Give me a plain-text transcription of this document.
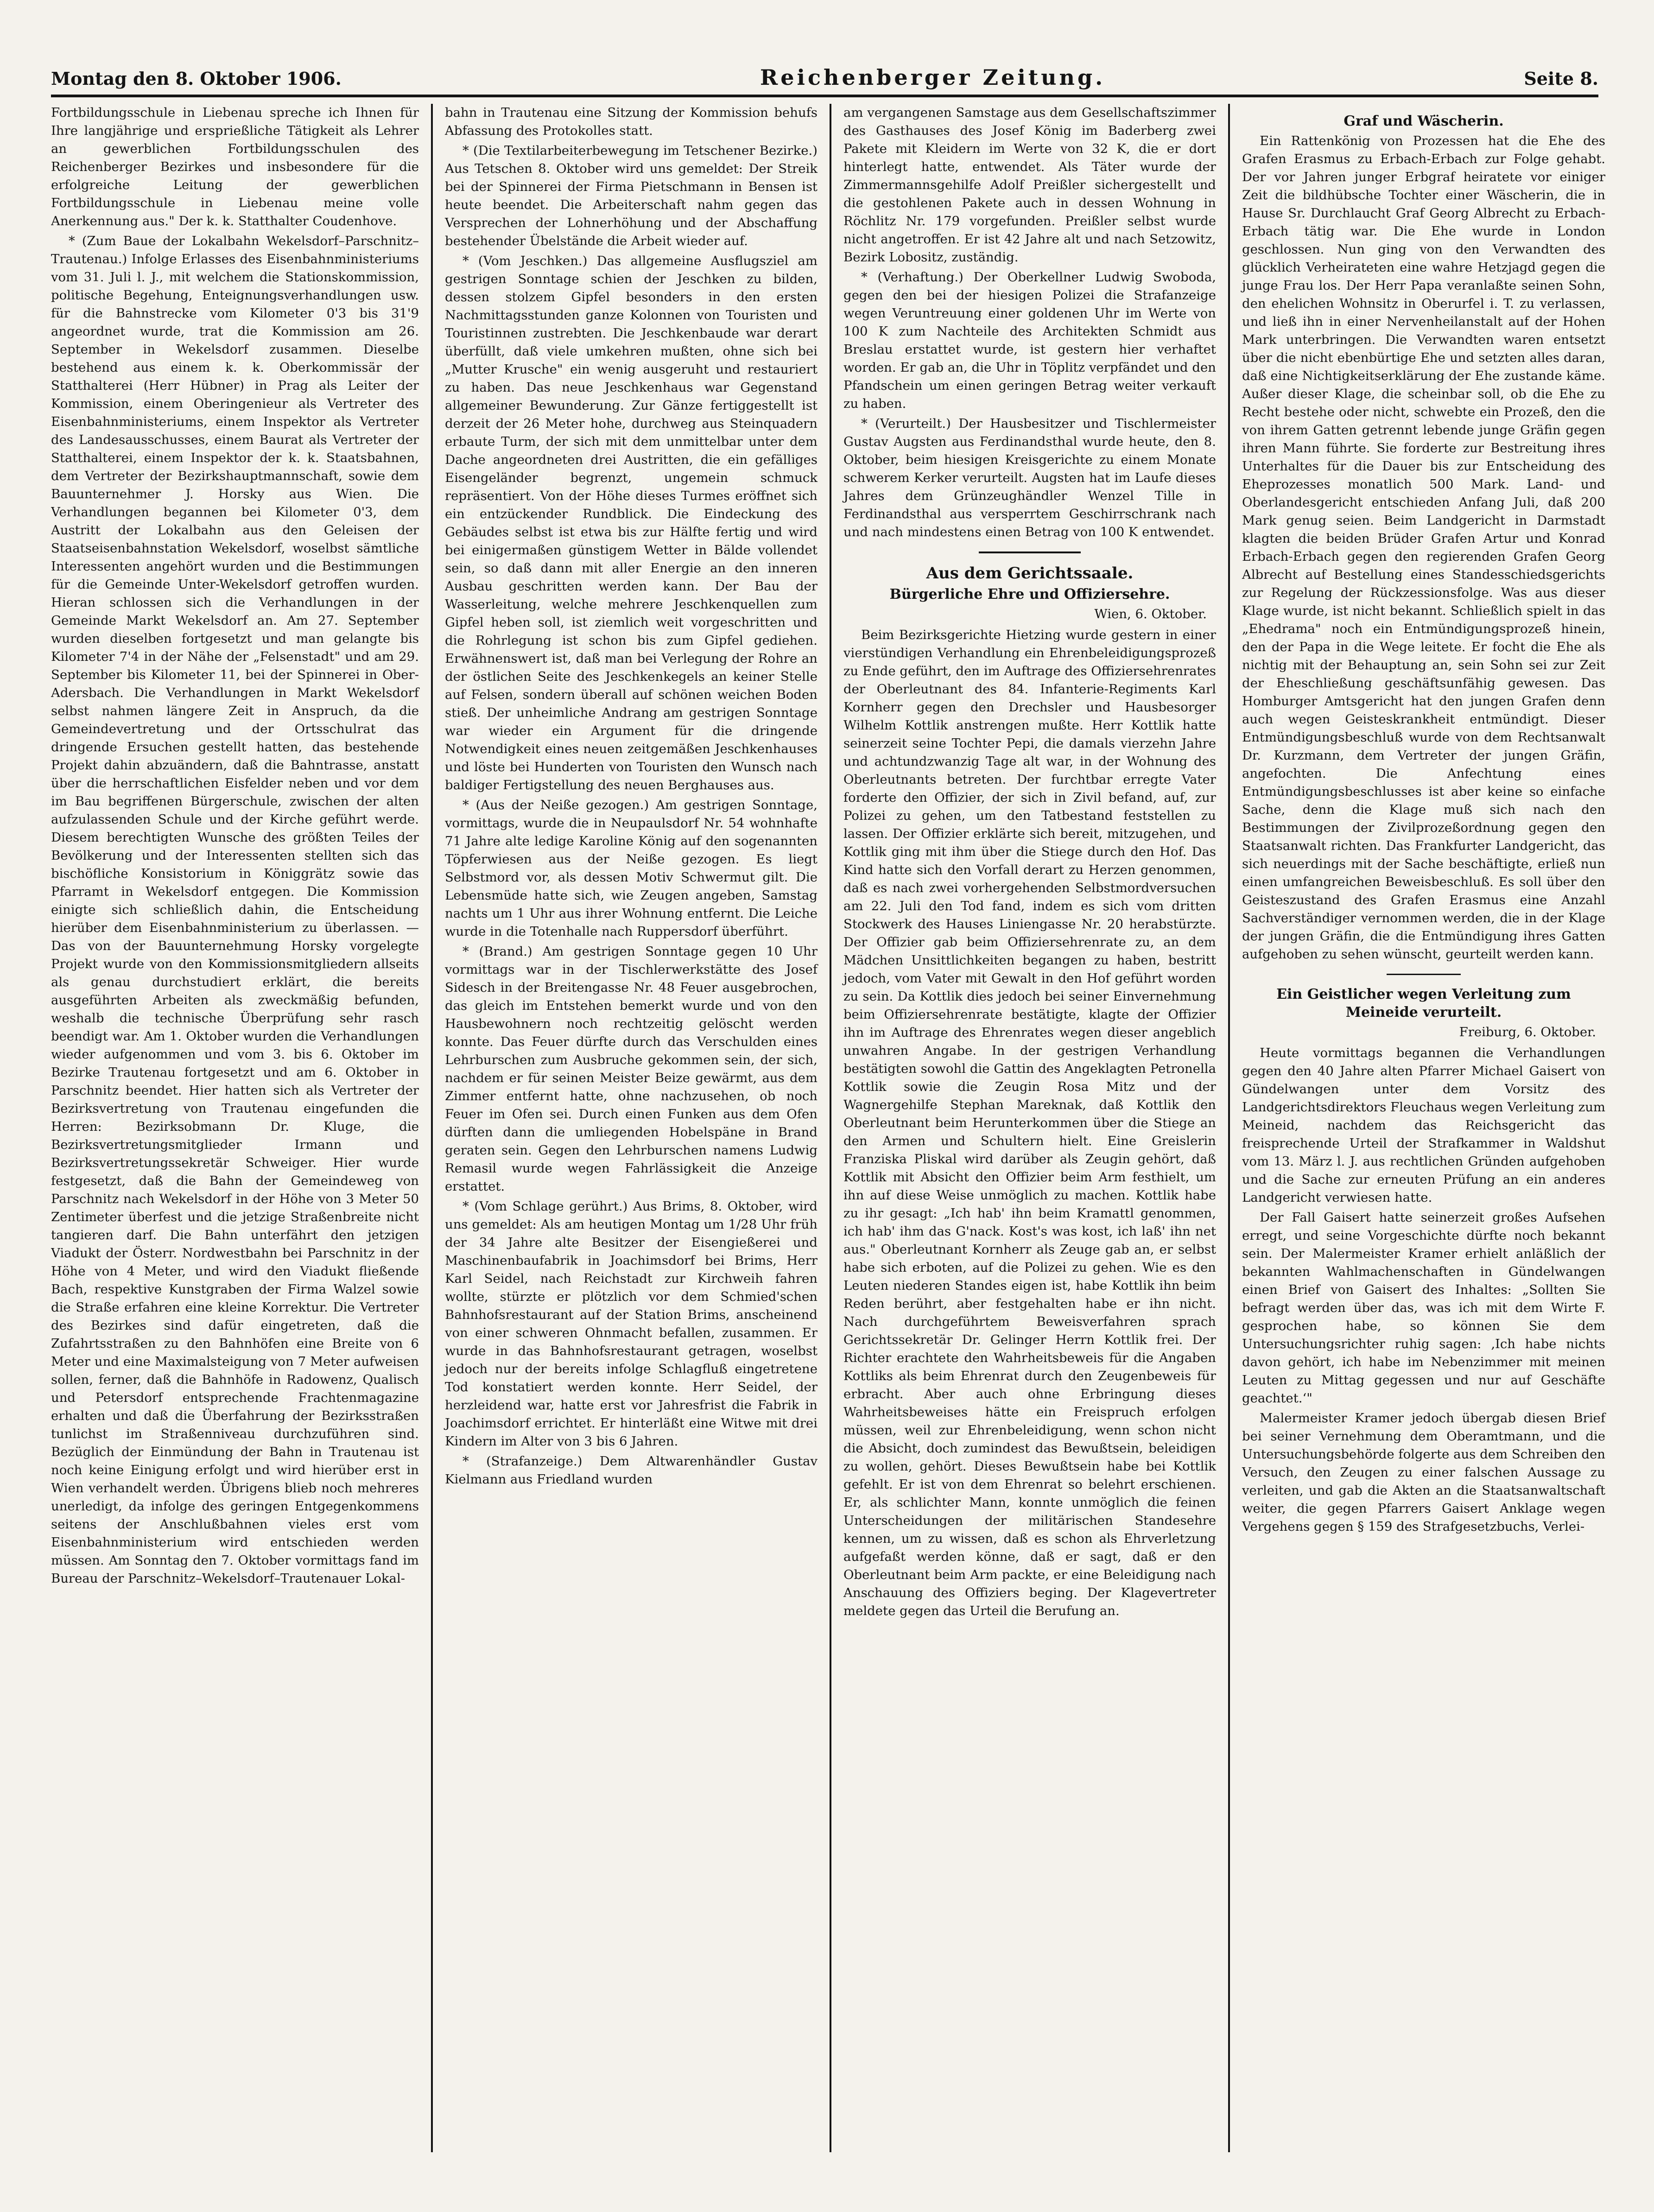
Montag den 8. Oktober 1906.	Reichenberger Zeitung.	Seite 8.

Fortbildungsschule in Liebenau spreche ich Ihnen für Ihre langjährige und ersprießliche Tätigkeit als Lehrer an gewerblichen Fortbildungsschulen des Reichenberger Bezirkes und insbesondere für die erfolgreiche Leitung der gewerblichen Fortbildungsschule in Liebenau meine volle Anerkennung aus." Der k. k. Statthalter Coudenhove.

* (Zum Baue der Lokalbahn Wekelsdorf–Parschnitz–Trautenau.) Infolge Erlasses des Eisenbahnministeriums vom 31. Juli l. J., mit welchem die Stationskommission, politische Begehung, Enteignungsverhandlungen usw. für die Bahnstrecke vom Kilometer 0'3 bis 31'9 angeordnet wurde, trat die Kommission am 26. September in Wekelsdorf zusammen. Dieselbe bestehend aus einem k. k. Oberkommissär der Statthalterei (Herr Hübner) in Prag als Leiter der Kommission, einem Oberingenieur als Vertreter des Eisenbahnministeriums, einem Inspektor als Vertreter des Landesausschusses, einem Baurat als Vertreter der Statthalterei, einem Inspektor der k. k. Staatsbahnen, dem Vertreter der Bezirkshauptmannschaft, sowie dem Bauunternehmer J. Horsky aus Wien. Die Verhandlungen begannen bei Kilometer 0'3, dem Austritt der Lokalbahn aus den Geleisen der Staatseisenbahnstation Wekelsdorf, woselbst sämtliche Interessenten angehört wurden und die Bestimmungen für die Gemeinde Unter-Wekelsdorf getroffen wurden. Hieran schlossen sich die Verhandlungen in der Gemeinde Markt Wekelsdorf an. Am 27. September wurden dieselben fortgesetzt und man gelangte bis Kilometer 7'4 in der Nähe der „Felsenstadt" und am 29. September bis Kilometer 11, bei der Spinnerei in Ober-Adersbach. Die Verhandlungen in Markt Wekelsdorf selbst nahmen längere Zeit in Anspruch, da die Gemeindevertretung und der Ortsschulrat das dringende Ersuchen gestellt hatten, das bestehende Projekt dahin abzuändern, daß die Bahntrasse, anstatt über die herrschaftlichen Eisfelder neben und vor dem im Bau begriffenen Bürgerschule, zwischen der alten aufzulassenden Schule und der Kirche geführt werde. Diesem berechtigten Wunsche des größten Teiles der Bevölkerung und der Interessenten stellten sich das bischöfliche Konsistorium in Königgrätz sowie das Pfarramt in Wekelsdorf entgegen. Die Kommission einigte sich schließlich dahin, die Entscheidung hierüber dem Eisenbahnministerium zu überlassen. — Das von der Bauunternehmung Horsky vorgelegte Projekt wurde von den Kommissionsmitgliedern allseits als genau durchstudiert erklärt, die bereits ausgeführten Arbeiten als zweckmäßig befunden, weshalb die technische Überprüfung sehr rasch beendigt war. Am 1. Oktober wurden die Verhandlungen wieder aufgenommen und vom 3. bis 6. Oktober im Bezirke Trautenau fortgesetzt und am 6. Oktober in Parschnitz beendet. Hier hatten sich als Vertreter der Bezirksvertretung von Trautenau eingefunden die Herren: Bezirksobmann Dr. Kluge, die Bezirksvertretungsmitglieder Irmann und Bezirksvertretungssekretär Schweiger. Hier wurde festgesetzt, daß die Bahn der Gemeindeweg von Parschnitz nach Wekelsdorf in der Höhe von 3 Meter 50 Zentimeter überfest und die jetzige Straßenbreite nicht tangieren darf. Die Bahn unterfährt den jetzigen Viadukt der Österr. Nordwestbahn bei Parschnitz in der Höhe von 4 Meter, und wird den Viadukt fließende Bach, respektive Kunstgraben der Firma Walzel sowie die Straße erfahren eine kleine Korrektur. Die Vertreter des Bezirkes sind dafür eingetreten, daß die Zufahrtsstraßen zu den Bahnhöfen eine Breite von 6 Meter und eine Maximalsteigung von 7 Meter aufweisen sollen, ferner, daß die Bahnhöfe in Radowenz, Qualisch und Petersdorf entsprechende Frachtenmagazine erhalten und daß die Überfahrung der Bezirksstraßen tunlichst im Straßenniveau durchzuführen sind. Bezüglich der Einmündung der Bahn in Trautenau ist noch keine Einigung erfolgt und wird hierüber erst in Wien verhandelt werden. Übrigens blieb noch mehreres unerledigt, da infolge des geringen Entgegenkommens seitens der Anschlußbahnen vieles erst vom Eisenbahnministerium wird entschieden werden müssen. Am Sonntag den 7. Oktober vormittags fand im Bureau der Parschnitz–Wekelsdorf–Trautenauer Lokal-

bahn in Trautenau eine Sitzung der Kommission behufs Abfassung des Protokolles statt.

* (Die Textilarbeiterbewegung im Tetschener Bezirke.) Aus Tetschen 8. Oktober wird uns gemeldet: Der Streik bei der Spinnerei der Firma Pietschmann in Bensen ist heute beendet. Die Arbeiterschaft nahm gegen das Versprechen der Lohnerhöhung und der Abschaffung bestehender Übelstände die Arbeit wieder auf.

* (Vom Jeschken.) Das allgemeine Ausflugsziel am gestrigen Sonntage schien der Jeschken zu bilden, dessen stolzem Gipfel besonders in den ersten Nachmittagsstunden ganze Kolonnen von Touristen und Touristinnen zustrebten. Die Jeschkenbaude war derart überfüllt, daß viele umkehren mußten, ohne sich bei „Mutter Krusche" ein wenig ausgeruht und restauriert zu haben. Das neue Jeschkenhaus war Gegenstand allgemeiner Bewunderung. Zur Gänze fertiggestellt ist derzeit der 26 Meter hohe, durchweg aus Steinquadern erbaute Turm, der sich mit dem unmittelbar unter dem Dache angeordneten drei Austritten, die ein gefälliges Eisengeländer begrenzt, ungemein schmuck repräsentiert. Von der Höhe dieses Turmes eröffnet sich ein entzückender Rundblick. Die Eindeckung des Gebäudes selbst ist etwa bis zur Hälfte fertig und wird bei einigermaßen günstigem Wetter in Bälde vollendet sein, so daß dann mit aller Energie an den inneren Ausbau geschritten werden kann. Der Bau der Wasserleitung, welche mehrere Jeschkenquellen zum Gipfel heben soll, ist ziemlich weit vorgeschritten und die Rohrlegung ist schon bis zum Gipfel gediehen. Erwähnenswert ist, daß man bei Verlegung der Rohre an der östlichen Seite des Jeschkenkegels an keiner Stelle auf Felsen, sondern überall auf schönen weichen Boden stieß. Der unheimliche Andrang am gestrigen Sonntage war wieder ein Argument für die dringende Notwendigkeit eines neuen zeitgemäßen Jeschkenhauses und löste bei Hunderten von Touristen den Wunsch nach baldiger Fertigstellung des neuen Berghauses aus.

* (Aus der Neiße gezogen.) Am gestrigen Sonntage, vormittags, wurde die in Neupaulsdorf Nr. 54 wohnhafte 71 Jahre alte ledige Karoline König auf den sogenannten Töpferwiesen aus der Neiße gezogen. Es liegt Selbstmord vor, als dessen Motiv Schwermut gilt. Die Lebensmüde hatte sich, wie Zeugen angeben, Samstag nachts um 1 Uhr aus ihrer Wohnung entfernt. Die Leiche wurde in die Totenhalle nach Ruppersdorf überführt.

* (Brand.) Am gestrigen Sonntage gegen 10 Uhr vormittags war in der Tischlerwerkstätte des Josef Sidesch in der Breitengasse Nr. 48 Feuer ausgebrochen, das gleich im Entstehen bemerkt wurde und von den Hausbewohnern noch rechtzeitig gelöscht werden konnte. Das Feuer dürfte durch das Verschulden eines Lehrburschen zum Ausbruche gekommen sein, der sich, nachdem er für seinen Meister Beize gewärmt, aus dem Zimmer entfernt hatte, ohne nachzusehen, ob noch Feuer im Ofen sei. Durch einen Funken aus dem Ofen dürften dann die umliegenden Hobelspäne in Brand geraten sein. Gegen den Lehrburschen namens Ludwig Remasil wurde wegen Fahrlässigkeit die Anzeige erstattet.

* (Vom Schlage gerührt.) Aus Brims, 8. Oktober, wird uns gemeldet: Als am heutigen Montag um 1/28 Uhr früh der 34 Jahre alte Besitzer der Eisengießerei und Maschinenbaufabrik in Joachimsdorf bei Brims, Herr Karl Seidel, nach Reichstadt zur Kirchweih fahren wollte, stürzte er plötzlich vor dem Schmied'schen Bahnhofsrestaurant auf der Station Brims, anscheinend von einer schweren Ohnmacht befallen, zusammen. Er wurde in das Bahnhofsrestaurant getragen, woselbst jedoch nur der bereits infolge Schlagfluß eingetretene Tod konstatiert werden konnte. Herr Seidel, der herzleidend war, hatte erst vor Jahresfrist die Fabrik in Joachimsdorf errichtet. Er hinterläßt eine Witwe mit drei Kindern im Alter von 3 bis 6 Jahren.

* (Strafanzeige.) Dem Altwarenhändler Gustav Kielmann aus Friedland wurden

am vergangenen Samstage aus dem Gesellschaftszimmer des Gasthauses des Josef König im Baderberg zwei Pakete mit Kleidern im Werte von 32 K, die er dort hinterlegt hatte, entwendet. Als Täter wurde der Zimmermannsgehilfe Adolf Preißler sichergestellt und die gestohlenen Pakete auch in dessen Wohnung in Röchlitz Nr. 179 vorgefunden. Preißler selbst wurde nicht angetroffen. Er ist 42 Jahre alt und nach Setzowitz, Bezirk Lobositz, zuständig.

* (Verhaftung.) Der Oberkellner Ludwig Swoboda, gegen den bei der hiesigen Polizei die Strafanzeige wegen Veruntreuung einer goldenen Uhr im Werte von 100 K zum Nachteile des Architekten Schmidt aus Breslau erstattet wurde, ist gestern hier verhaftet worden. Er gab an, die Uhr in Töplitz verpfändet und den Pfandschein um einen geringen Betrag weiter verkauft zu haben.

* (Verurteilt.) Der Hausbesitzer und Tischlermeister Gustav Augsten aus Ferdinandsthal wurde heute, den 8. Oktober, beim hiesigen Kreisgerichte zu einem Monate schwerem Kerker verurteilt. Augsten hat im Laufe dieses Jahres dem Grünzeughändler Wenzel Tille in Ferdinandsthal aus versperrtem Geschirrschrank nach und nach mindestens einen Betrag von 100 K entwendet.

Aus dem Gerichtssaale.
Bürgerliche Ehre und Offiziersehre.
Wien, 6. Oktober.

Beim Bezirksgerichte Hietzing wurde gestern in einer vierstündigen Verhandlung ein Ehrenbeleidigungsprozeß zu Ende geführt, den im Auftrage des Offiziersehrenrates der Oberleutnant des 84. Infanterie-Regiments Karl Kornherr gegen den Drechsler und Hausbesorger Wilhelm Kottlik anstrengen mußte. Herr Kottlik hatte seinerzeit seine Tochter Pepi, die damals vierzehn Jahre und achtundzwanzig Tage alt war, in der Wohnung des Oberleutnants betreten. Der furchtbar erregte Vater forderte den Offizier, der sich in Zivil befand, auf, zur Polizei zu gehen, um den Tatbestand feststellen zu lassen. Der Offizier erklärte sich bereit, mitzugehen, und Kottlik ging mit ihm über die Stiege durch den Hof. Das Kind hatte sich den Vorfall derart zu Herzen genommen, daß es nach zwei vorhergehenden Selbstmordversuchen am 22. Juli den Tod fand, indem es sich vom dritten Stockwerk des Hauses Liniengasse Nr. 20 herabstürzte. Der Offizier gab beim Offiziersehrenrate zu, an dem Mädchen Unsittlichkeiten begangen zu haben, bestritt jedoch, vom Vater mit Gewalt in den Hof geführt worden zu sein. Da Kottlik dies jedoch bei seiner Einvernehmung beim Offiziersehrenrate bestätigte, klagte der Offizier ihn im Auftrage des Ehrenrates wegen dieser angeblich unwahren Angabe. In der gestrigen Verhandlung bestätigten sowohl die Gattin des Angeklagten Petronella Kottlik sowie die Zeugin Rosa Mitz und der Wagnergehilfe Stephan Mareknak, daß Kottlik den Oberleutnant beim Herunterkommen über die Stiege an den Armen und Schultern hielt. Eine Greislerin Franziska Pliskal wird darüber als Zeugin gehört, daß Kottlik mit Absicht den Offizier beim Arm festhielt, um ihn auf diese Weise unmöglich zu machen. Kottlik habe zu ihr gesagt: „Ich hab' ihn beim Kramattl genommen, ich hab' ihm das G'nack. Kost's was kost, ich laß' ihn net aus." Oberleutnant Kornherr als Zeuge gab an, er selbst habe sich erboten, auf die Polizei zu gehen. Wie es den Leuten niederen Standes eigen ist, habe Kottlik ihn beim Reden berührt, aber festgehalten habe er ihn nicht. Nach durchgeführtem Beweisverfahren sprach Gerichtssekretär Dr. Gelinger Herrn Kottlik frei. Der Richter erachtete den Wahrheitsbeweis für die Angaben Kottliks als beim Ehrenrat durch den Zeugenbeweis für erbracht. Aber auch ohne Erbringung dieses Wahrheitsbeweises hätte ein Freispruch erfolgen müssen, weil zur Ehrenbeleidigung, wenn schon nicht die Absicht, doch zumindest das Bewußtsein, beleidigen zu wollen, gehört. Dieses Bewußtsein habe bei Kottlik gefehlt. Er ist von dem Ehrenrat so belehrt erschienen. Er, als schlichter Mann, konnte unmöglich die feinen Unterscheidungen der militärischen Standesehre kennen, um zu wissen, daß es schon als Ehrverletzung aufgefaßt werden könne, daß er sagt, daß er den Oberleutnant beim Arm packte, er eine Beleidigung nach Anschauung des Offiziers beging. Der Klagevertreter meldete gegen das Urteil die Berufung an.

Graf und Wäscherin.

Ein Rattenkönig von Prozessen hat die Ehe des Grafen Erasmus zu Erbach-Erbach zur Folge gehabt. Der vor Jahren junger Erbgraf heiratete vor einiger Zeit die bildhübsche Tochter einer Wäscherin, die in Hause Sr. Durchlaucht Graf Georg Albrecht zu Erbach-Erbach tätig war. Die Ehe wurde in London geschlossen. Nun ging von den Verwandten des glücklich Verheirateten eine wahre Hetzjagd gegen die junge Frau los. Der Herr Papa veranlaßte seinen Sohn, den ehelichen Wohnsitz in Oberurfel i. T. zu verlassen, und ließ ihn in einer Nervenheilanstalt auf der Hohen Mark unterbringen. Die Verwandten waren entsetzt über die nicht ebenbürtige Ehe und setzten alles daran, daß eine Nichtigkeitserklärung der Ehe zustande käme. Außer dieser Klage, die scheinbar soll, ob die Ehe zu Recht bestehe oder nicht, schwebte ein Prozeß, den die von ihrem Gatten getrennt lebende junge Gräfin gegen ihren Mann führte. Sie forderte zur Bestreitung ihres Unterhaltes für die Dauer bis zur Entscheidung des Eheprozesses monatlich 500 Mark. Land- und Oberlandesgericht entschieden Anfang Juli, daß 200 Mark genug seien. Beim Landgericht in Darmstadt klagten die beiden Brüder Grafen Artur und Konrad Erbach-Erbach gegen den regierenden Grafen Georg Albrecht auf Bestellung eines Standesschiedsgerichts zur Regelung der Rückzessionsfolge. Was aus dieser Klage wurde, ist nicht bekannt. Schließlich spielt in das „Ehedrama" noch ein Entmündigungsprozeß hinein, den der Papa in die Wege leitete. Er focht die Ehe als nichtig mit der Behauptung an, sein Sohn sei zur Zeit der Eheschließung geschäftsunfähig gewesen. Das Homburger Amtsgericht hat den jungen Grafen denn auch wegen Geisteskrankheit entmündigt. Dieser Entmündigungsbeschluß wurde von dem Rechtsanwalt Dr. Kurzmann, dem Vertreter der jungen Gräfin, angefochten. Die Anfechtung eines Entmündigungsbeschlusses ist aber keine so einfache Sache, denn die Klage muß sich nach den Bestimmungen der Zivilprozeßordnung gegen den Staatsanwalt richten. Das Frankfurter Landgericht, das sich neuerdings mit der Sache beschäftigte, erließ nun einen umfangreichen Beweisbeschluß. Es soll über den Geisteszustand des Grafen Erasmus eine Anzahl Sachverständiger vernommen werden, die in der Klage der jungen Gräfin, die die Entmündigung ihres Gatten aufgehoben zu sehen wünscht, geurteilt werden kann.

Ein Geistlicher wegen Verleitung zum Meineide verurteilt.
Freiburg, 6. Oktober.

Heute vormittags begannen die Verhandlungen gegen den 40 Jahre alten Pfarrer Michael Gaisert von Gündelwangen unter dem Vorsitz des Landgerichtsdirektors Fleuchaus wegen Verleitung zum Meineid, nachdem das Reichsgericht das freisprechende Urteil der Strafkammer in Waldshut vom 13. März l. J. aus rechtlichen Gründen aufgehoben und die Sache zur erneuten Prüfung an ein anderes Landgericht verwiesen hatte.

Der Fall Gaisert hatte seinerzeit großes Aufsehen erregt, und seine Vorgeschichte dürfte noch bekannt sein. Der Malermeister Kramer erhielt anläßlich der bekannten Wahlmachenschaften in Gündelwangen einen Brief von Gaisert des Inhaltes: „Sollten Sie befragt werden über das, was ich mit dem Wirte F. gesprochen habe, so können Sie dem Untersuchungsrichter ruhig sagen: ‚Ich habe nichts davon gehört, ich habe im Nebenzimmer mit meinen Leuten zu Mittag gegessen und nur auf Geschäfte geachtet.‘"

Malermeister Kramer jedoch übergab diesen Brief bei seiner Vernehmung dem Oberamtmann, und die Untersuchungsbehörde folgerte aus dem Schreiben den Versuch, den Zeugen zu einer falschen Aussage zu verleiten, und gab die Akten an die Staatsanwaltschaft weiter, die gegen Pfarrers Gaisert Anklage wegen Vergehens gegen § 159 des Strafgesetzbuchs, Verlei-
